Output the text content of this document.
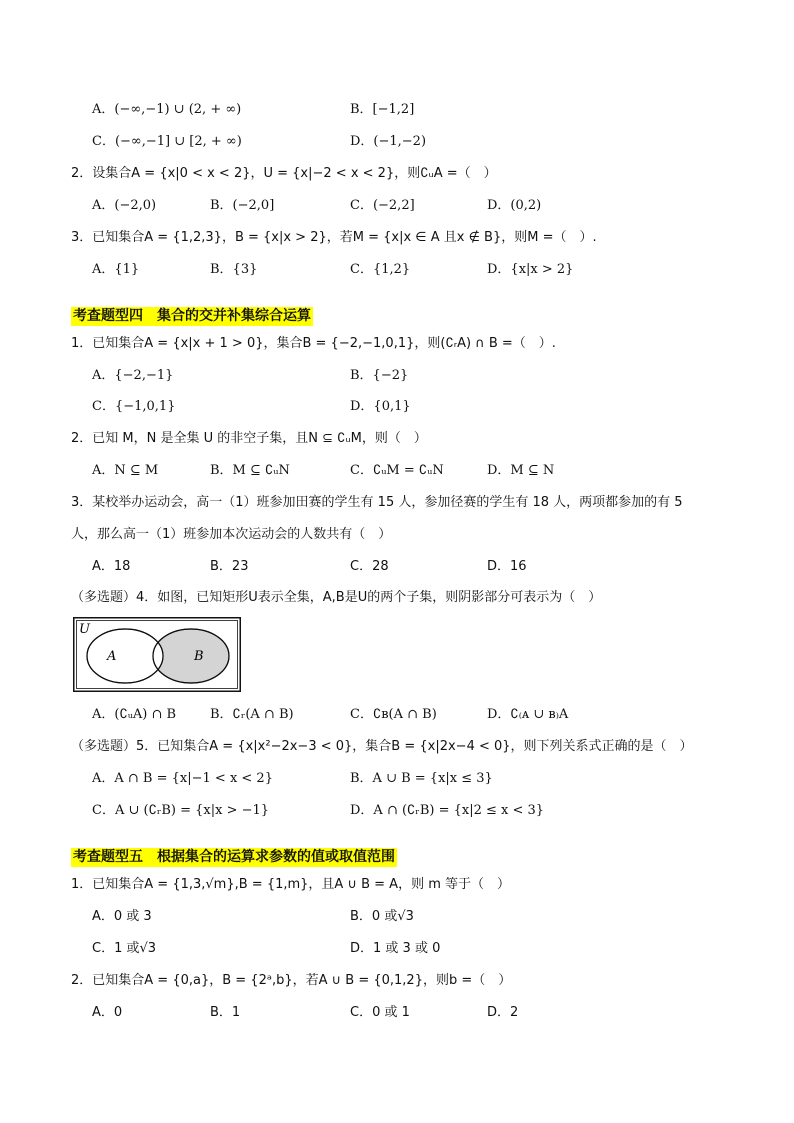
A．(−∞,−1) ∪ (2, + ∞)	B．[−1,2]
C．(−∞,−1] ∪ [2, + ∞)	D．(−1,−2)
2．设集合A = {x|0 < x < 2}，U = {x|−2 < x < 2}，则∁ᵤA =（　）
A．(−2,0)	B．(−2,0]	C．(−2,2]	D．(0,2)
3．已知集合A = {1,2,3}，B = {x|x > 2}，若M = {x|x ∈ A 且x ∉ B}，则M =（　）.
A．{1}	B．{3}	C．{1,2}	D．{x|x > 2}
考查题型四　集合的交并补集综合运算
1．已知集合A = {x|x + 1 > 0}，集合B = {−2,−1,0,1}，则(∁ᵣA) ∩ B =（　）.
A．{−2,−1}	B．{−2}
C．{−1,0,1}	D．{0,1}
2．已知 M，N 是全集 U 的非空子集，且N ⊆ ∁ᵤM，则（　）
A．N ⊆ M	B．M ⊆ ∁ᵤN	C．∁ᵤM = ∁ᵤN	D．M ⊆ N
3．某校举办运动会，高一（1）班参加田赛的学生有 15 人，参加径赛的学生有 18 人，两项都参加的有 5
人，那么高一（1）班参加本次运动会的人数共有（　）
A．18	B．23	C．28	D．16
（多选题）4．如图，已知矩形U表示全集，A,B是U的两个子集，则阴影部分可表示为（　）
U
A	B
A．(∁ᵤA) ∩ B	B．∁ᵣ(A ∩ B)	C．∁ʙ(A ∩ B)	D．∁₍ᴀ ∪ ʙ₎A
（多选题）5．已知集合A = {x|x²−2x−3 < 0}，集合B = {x|2x−4 < 0}，则下列关系式正确的是（　）
A．A ∩ B = {x|−1 < x < 2}	B．A ∪ B = {x|x ≤ 3}
C．A ∪ (∁ᵣB) = {x|x > −1}	D．A ∩ (∁ᵣB) = {x|2 ≤ x < 3}
考查题型五　根据集合的运算求参数的值或取值范围
1．已知集合A = {1,3,√m},B = {1,m}，且A ∪ B = A，则 m 等于（　）
A．0 或 3	B．0 或√3
C．1 或√3	D．1 或 3 或 0
2．已知集合A = {0,a}，B = {2ᵃ,b}，若A ∪ B = {0,1,2}，则b =（　）
A．0	B．1	C．0 或 1	D．2
